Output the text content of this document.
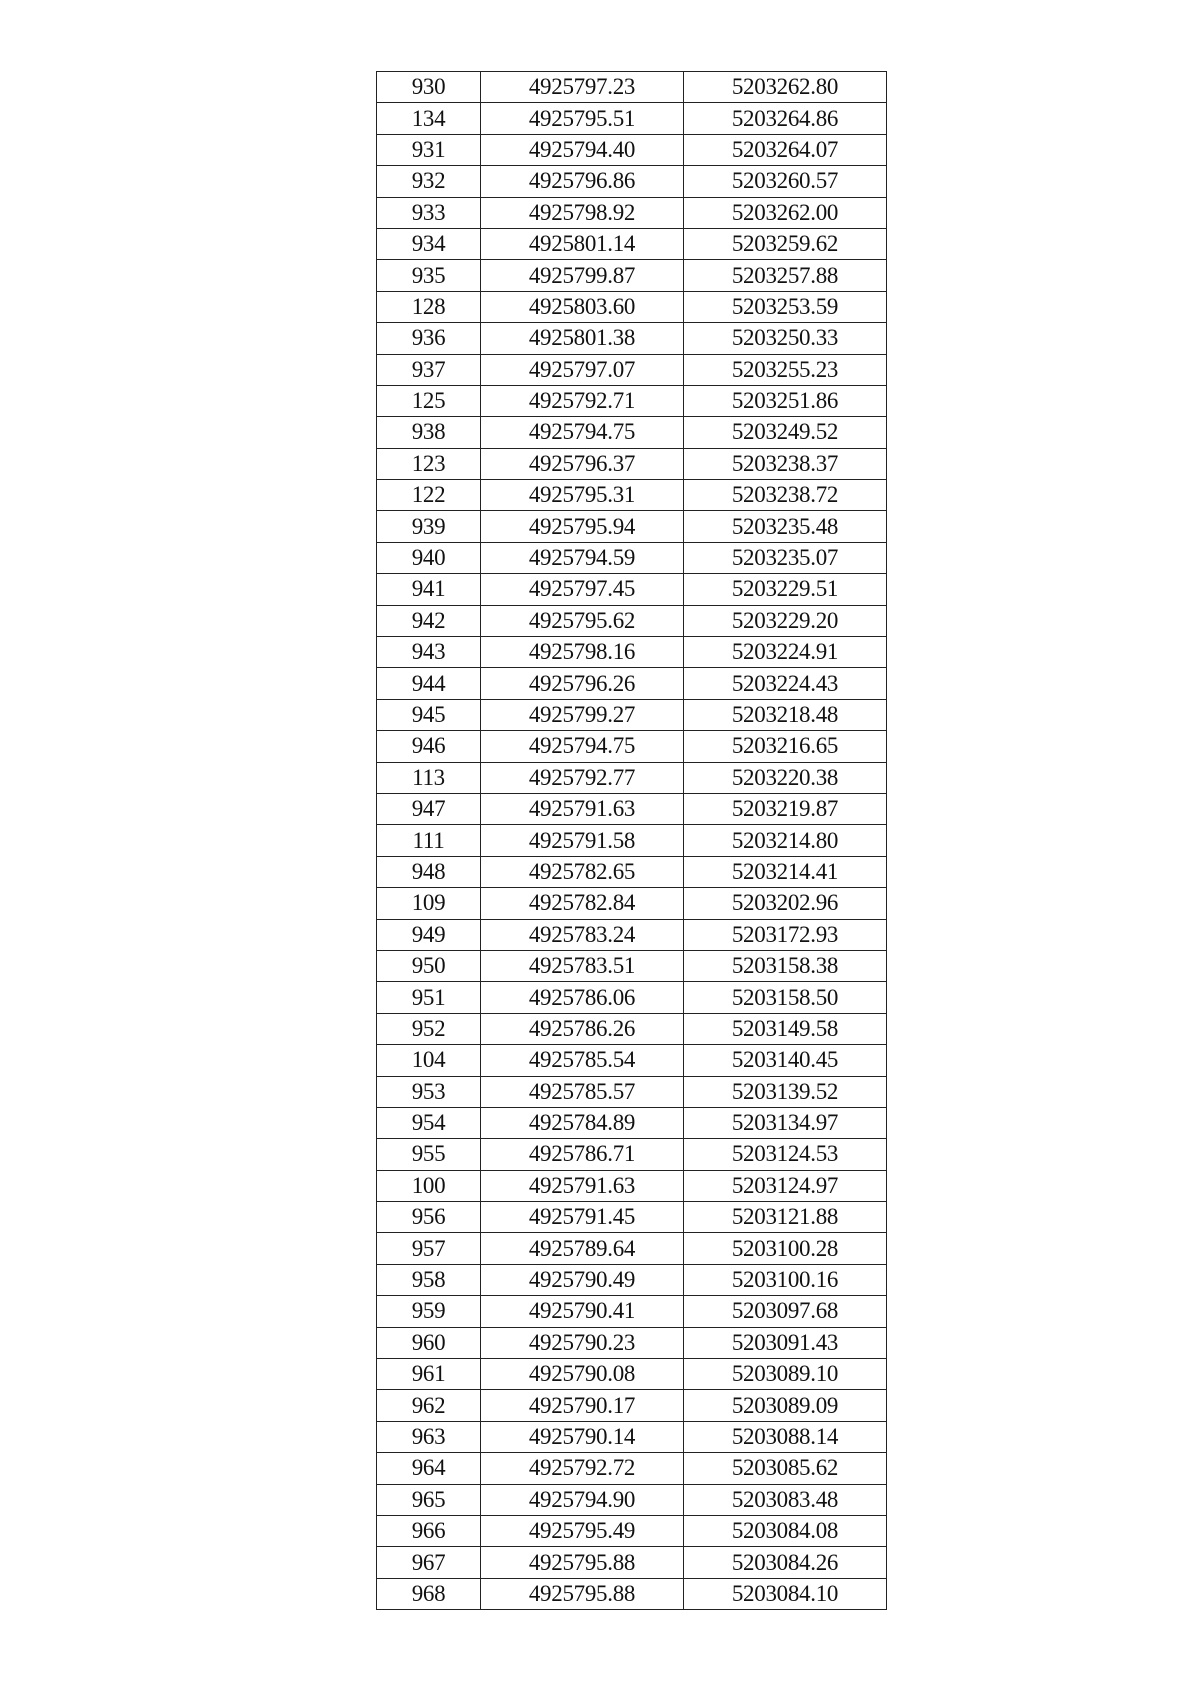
930	4925797.23	5203262.80
134	4925795.51	5203264.86
931	4925794.40	5203264.07
932	4925796.86	5203260.57
933	4925798.92	5203262.00
934	4925801.14	5203259.62
935	4925799.87	5203257.88
128	4925803.60	5203253.59
936	4925801.38	5203250.33
937	4925797.07	5203255.23
125	4925792.71	5203251.86
938	4925794.75	5203249.52
123	4925796.37	5203238.37
122	4925795.31	5203238.72
939	4925795.94	5203235.48
940	4925794.59	5203235.07
941	4925797.45	5203229.51
942	4925795.62	5203229.20
943	4925798.16	5203224.91
944	4925796.26	5203224.43
945	4925799.27	5203218.48
946	4925794.75	5203216.65
113	4925792.77	5203220.38
947	4925791.63	5203219.87
111	4925791.58	5203214.80
948	4925782.65	5203214.41
109	4925782.84	5203202.96
949	4925783.24	5203172.93
950	4925783.51	5203158.38
951	4925786.06	5203158.50
952	4925786.26	5203149.58
104	4925785.54	5203140.45
953	4925785.57	5203139.52
954	4925784.89	5203134.97
955	4925786.71	5203124.53
100	4925791.63	5203124.97
956	4925791.45	5203121.88
957	4925789.64	5203100.28
958	4925790.49	5203100.16
959	4925790.41	5203097.68
960	4925790.23	5203091.43
961	4925790.08	5203089.10
962	4925790.17	5203089.09
963	4925790.14	5203088.14
964	4925792.72	5203085.62
965	4925794.90	5203083.48
966	4925795.49	5203084.08
967	4925795.88	5203084.26
968	4925795.88	5203084.10
